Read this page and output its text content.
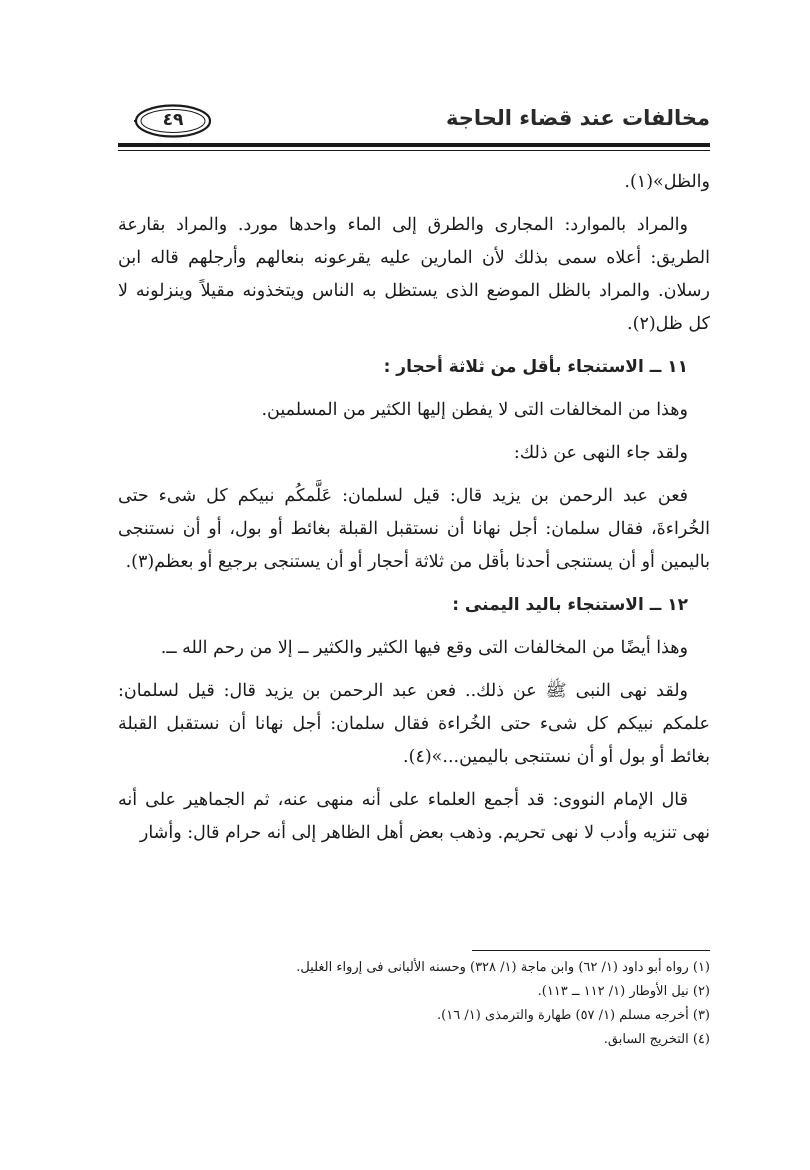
مخالفات عند قضاء الحاجة
٤٩

والظل»(١).

والمراد بالموارد: المجارى والطرق إلى الماء واحدها مورد. والمراد بقارعة الطريق: أعلاه سمى بذلك لأن المارين عليه يقرعونه بنعالهم وأرجلهم قاله ابن رسلان. والمراد بالظل الموضع الذى يستظل به الناس ويتخذونه مقيلاً وينزلونه لا كل ظل(٢).

١١ ــ الاستنجاء بأقل من ثلاثة أحجار :

وهذا من المخالفات التى لا يفطن إليها الكثير من المسلمين.

ولقد جاء النهى عن ذلك:

فعن عبد الرحمن بن يزيد قال: قيل لسلمان: عَلَّمكُم نبيكم كل شىء حتى الخُراءةَ، فقال سلمان: أجل نهانا أن نستقبل القبلة بغائط أو بول، أو أن نستنجى باليمين أو أن يستنجى أحدنا بأقل من ثلاثة أحجار أو أن يستنجى برجيع أو بعظم(٣).

١٢ ــ الاستنجاء باليد اليمنى :

وهذا أيضًا من المخالفات التى وقع فيها الكثير والكثير ــ إلا من رحم الله ــ.

ولقد نهى النبى ﷺ عن ذلك.. فعن عبد الرحمن بن يزيد قال: قيل لسلمان: علمكم نبيكم كل شىء حتى الخُراءة فقال سلمان: أجل نهانا أن نستقبل القبلة بغائط أو بول أو أن نستنجى باليمين...»(٤).

قال الإمام النووى: قد أجمع العلماء على أنه منهى عنه، ثم الجماهير على أنه نهى تنزيه وأدب لا نهى تحريم. وذهب بعض أهل الظاهر إلى أنه حرام قال: وأشار

(١) رواه أبو داود (١/ ٦٢) وابن ماجة (١/ ٣٢٨) وحسنه الألبانى فى إرواء الغليل.

(٢) نيل الأوطار (١/ ١١٢ ــ ١١٣).

(٣) أخرجه مسلم (١/ ٥٧) طهارة والترمذى (١/ ١٦).

(٤) التخريج السابق.
